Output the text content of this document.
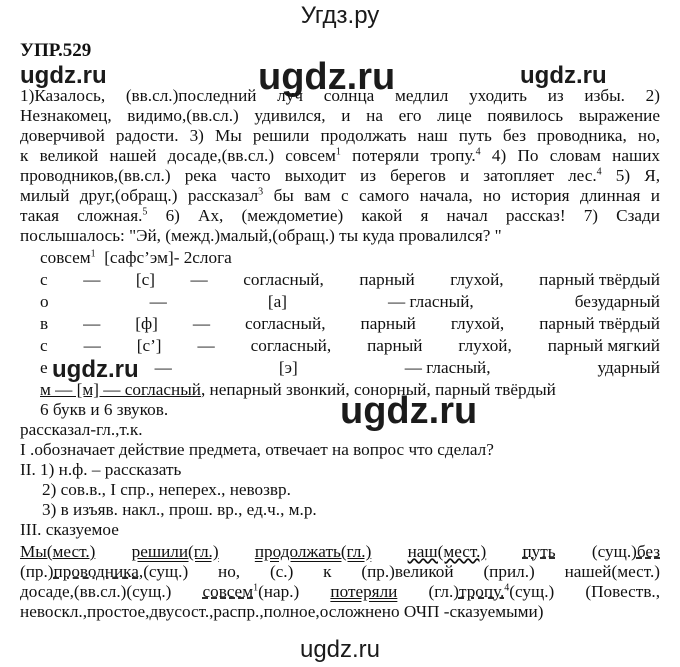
Угдз.ру
ugdz.ru	ugdz.ru	ugdz.ru
ugdz.ru
ugdz.ru
УПР.529
1)Казалось, (вв.сл.)последний луч солнца медлил уходить из избы. 2)
Незнакомец, видимо,(вв.сл.) удивился, и на его лице появилось выражение
доверчивой радости. 3) Мы решили продолжать наш путь без проводника, но,
к великой нашей досаде,(вв.сл.) совсем$^1$ потеряли тропу.$^4$ 4) По словам наших
проводников,(вв.сл.) река часто выходит из берегов и затопляет лес.$^4$ 5) Я,
милый друг,(обращ.) рассказал$^3$ бы вам с самого начала, но история длинная и
такая сложная.$^5$ 6) Ах, (междометие) какой я начал рассказ! 7) Сзади
послышалось: "Эй, (межд.)малый,(обращ.) ты куда провалился? "
совсем$^1$ [сафс’эм]- 2слога
с — [с] — согласный, парный глухой, парный твёрдый
о	—	[а]	— гласный,	безударный
в — [ф] — согласный, парный глухой, парный твёрдый
с — [с’] — согласный, парный глухой, парный мягкий
е	—	[э]	— гласный,	ударный
м — [м] — согласный, непарный звонкий, сонорный, парный твёрдый
6 букв и 6 звуков.
рассказал-гл.,т.к.
I .обозначает действие предмета, отвечает на вопрос что сделал?
II. 1) н.ф. – рассказать
2) сов.в., I спр., неперех., невозвр.
3) в изъяв. накл., прош. вр., ед.ч., м.р.
III. сказуемое
Мы(мест.) решили(гл.) продолжать(гл.) наш(мест.) путь (сущ.)без
(пр.)проводника,(сущ.) но, (с.) к (пр.)великой (прил.) нашей(мест.)
досаде,(вв.сл.)(сущ.) совсем$^1$(нар.) потеряли (гл.)тропу.$^4$(сущ.) (Повеств.,
невоскл.,простое,двусост.,распр.,полное,осложнено ОЧП -сказуемыми)
ugdz.ru
